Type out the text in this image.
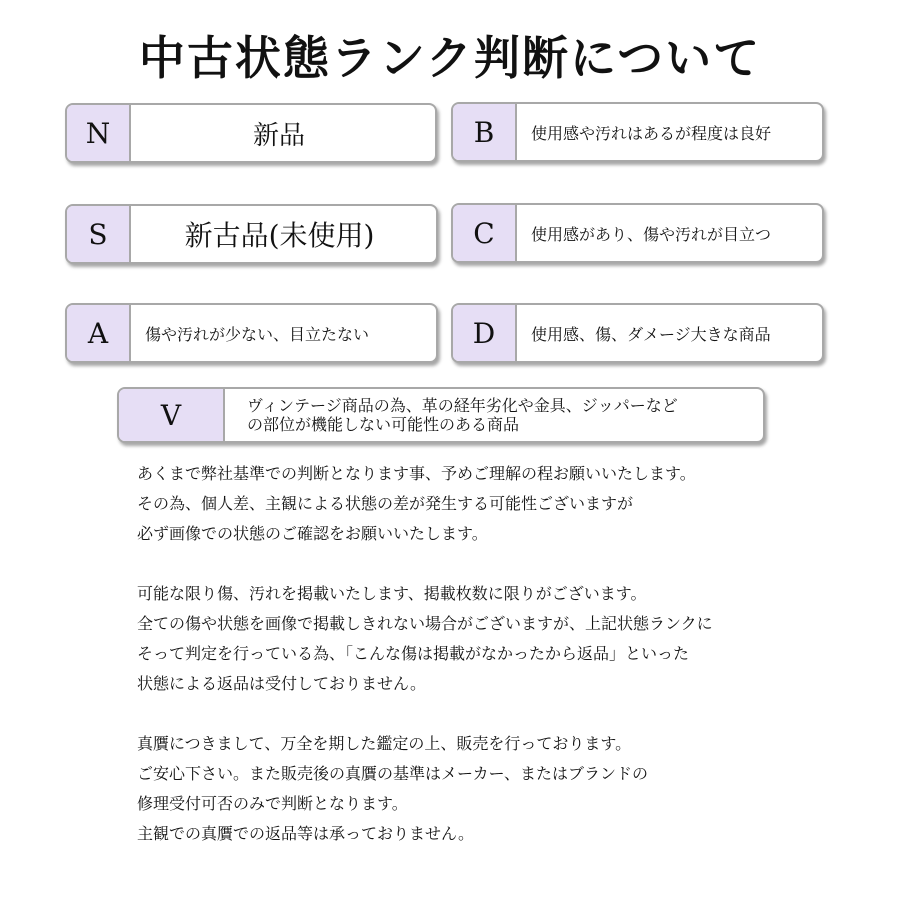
中古状態ランク判断について
N	新品	B	使用感や汚れはあるが程度は良好
S	新古品(未使用)	C	使用感があり、傷や汚れが目立つ
A	傷や汚れが少ない、目立たない	D	使用感、傷、ダメージ大きな商品
V	ヴィンテージ商品の為、革の経年劣化や金具、ジッパーなど
の部位が機能しない可能性のある商品
あくまで弊社基準での判断となります事、予めご理解の程お願いいたします。
その為、個人差、主観による状態の差が発生する可能性ございますが
必ず画像での状態のご確認をお願いいたします。
可能な限り傷、汚れを掲載いたします、掲載枚数に限りがございます。
全ての傷や状態を画像で掲載しきれない場合がございますが、上記状態ランクに
そって判定を行っている為、「こんな傷は掲載がなかったから返品」といった
状態による返品は受付しておりません。
真贋につきまして、万全を期した鑑定の上、販売を行っております。
ご安心下さい。また販売後の真贋の基準はメーカー、またはブランドの
修理受付可否のみで判断となります。
主観での真贋での返品等は承っておりません。
